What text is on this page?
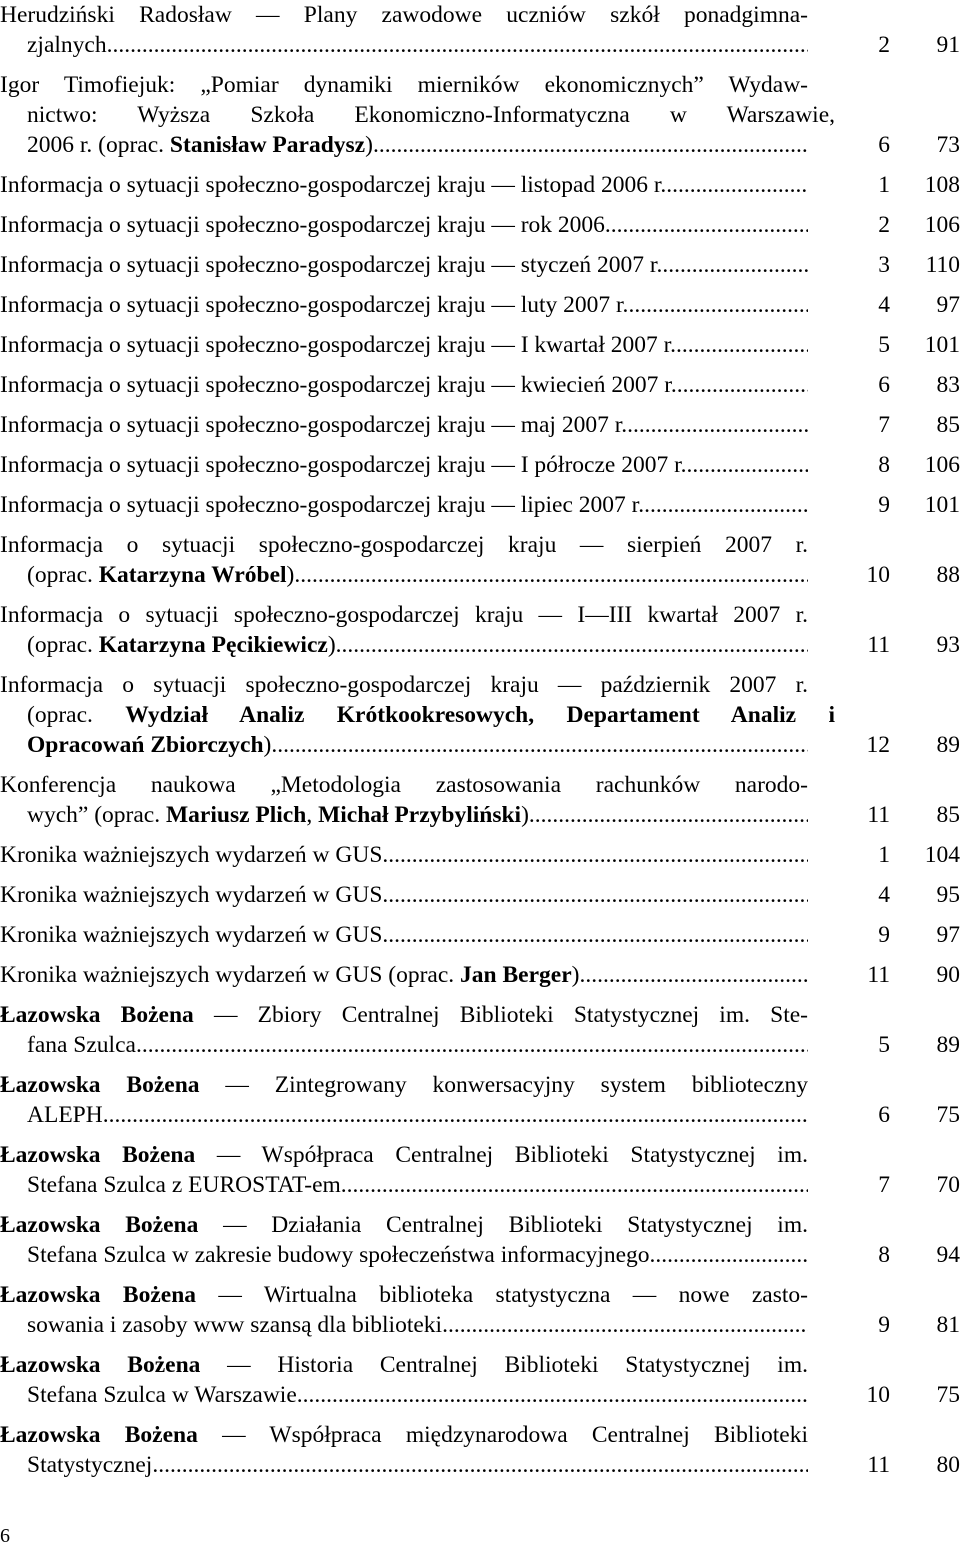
Herudziński Radosław — Plany zawodowe uczniów szkół ponadgimna-
zjalnych .....	2	91
Igor Timofiejuk: „Pomiar dynamiki mierników ekonomicznych” Wydaw-
nictwo: Wyższa Szkoła Ekonomiczno-Informatyczna w Warszawie,
2006 r. (oprac. Stanisław Paradysz) .....	6	73
Informacja o sytuacji społeczno-gospodarczej kraju — listopad 2006 r. .....	1	108
Informacja o sytuacji społeczno-gospodarczej kraju — rok 2006 .....	2	106
Informacja o sytuacji społeczno-gospodarczej kraju — styczeń 2007 r. .....	3	110
Informacja o sytuacji społeczno-gospodarczej kraju — luty 2007 r. .....	4	97
Informacja o sytuacji społeczno-gospodarczej kraju — I kwartał 2007 r. .....	5	101
Informacja o sytuacji społeczno-gospodarczej kraju — kwiecień 2007 r. .....	6	83
Informacja o sytuacji społeczno-gospodarczej kraju — maj 2007 r. .....	7	85
Informacja o sytuacji społeczno-gospodarczej kraju — I półrocze 2007 r. .....	8	106
Informacja o sytuacji społeczno-gospodarczej kraju — lipiec 2007 r. .....	9	101
Informacja o sytuacji społeczno-gospodarczej kraju — sierpień 2007 r.
(oprac. Katarzyna Wróbel) .....	10	88
Informacja o sytuacji społeczno-gospodarczej kraju — I—III kwartał 2007 r.
(oprac. Katarzyna Pęcikiewicz) .....	11	93
Informacja o sytuacji społeczno-gospodarczej kraju — październik 2007 r.
(oprac. Wydział Analiz Krótkookresowych, Departament Analiz i
Opracowań Zbiorczych) .....	12	89
Konferencja naukowa „Metodologia zastosowania rachunków narodo-
wych” (oprac. Mariusz Plich, Michał Przybyliński) .....	11	85
Kronika ważniejszych wydarzeń w GUS .....	1	104
Kronika ważniejszych wydarzeń w GUS .....	4	95
Kronika ważniejszych wydarzeń w GUS .....	9	97
Kronika ważniejszych wydarzeń w GUS (oprac. Jan Berger) .....	11	90
Łazowska Bożena — Zbiory Centralnej Biblioteki Statystycznej im. Ste-
fana Szulca .....	5	89
Łazowska Bożena — Zintegrowany konwersacyjny system biblioteczny
ALEPH .....	6	75
Łazowska Bożena — Współpraca Centralnej Biblioteki Statystycznej im.
Stefana Szulca z EUROSTAT-em .....	7	70
Łazowska Bożena — Działania Centralnej Biblioteki Statystycznej im.
Stefana Szulca w zakresie budowy społeczeństwa informacyjnego .....	8	94
Łazowska Bożena — Wirtualna biblioteka statystyczna — nowe zasto-
sowania i zasoby www szansą dla biblioteki .....	9	81
Łazowska Bożena — Historia Centralnej Biblioteki Statystycznej im.
Stefana Szulca w Warszawie .....	10	75
Łazowska Bożena — Współpraca międzynarodowa Centralnej Biblioteki
Statystycznej .....	11	80
6
